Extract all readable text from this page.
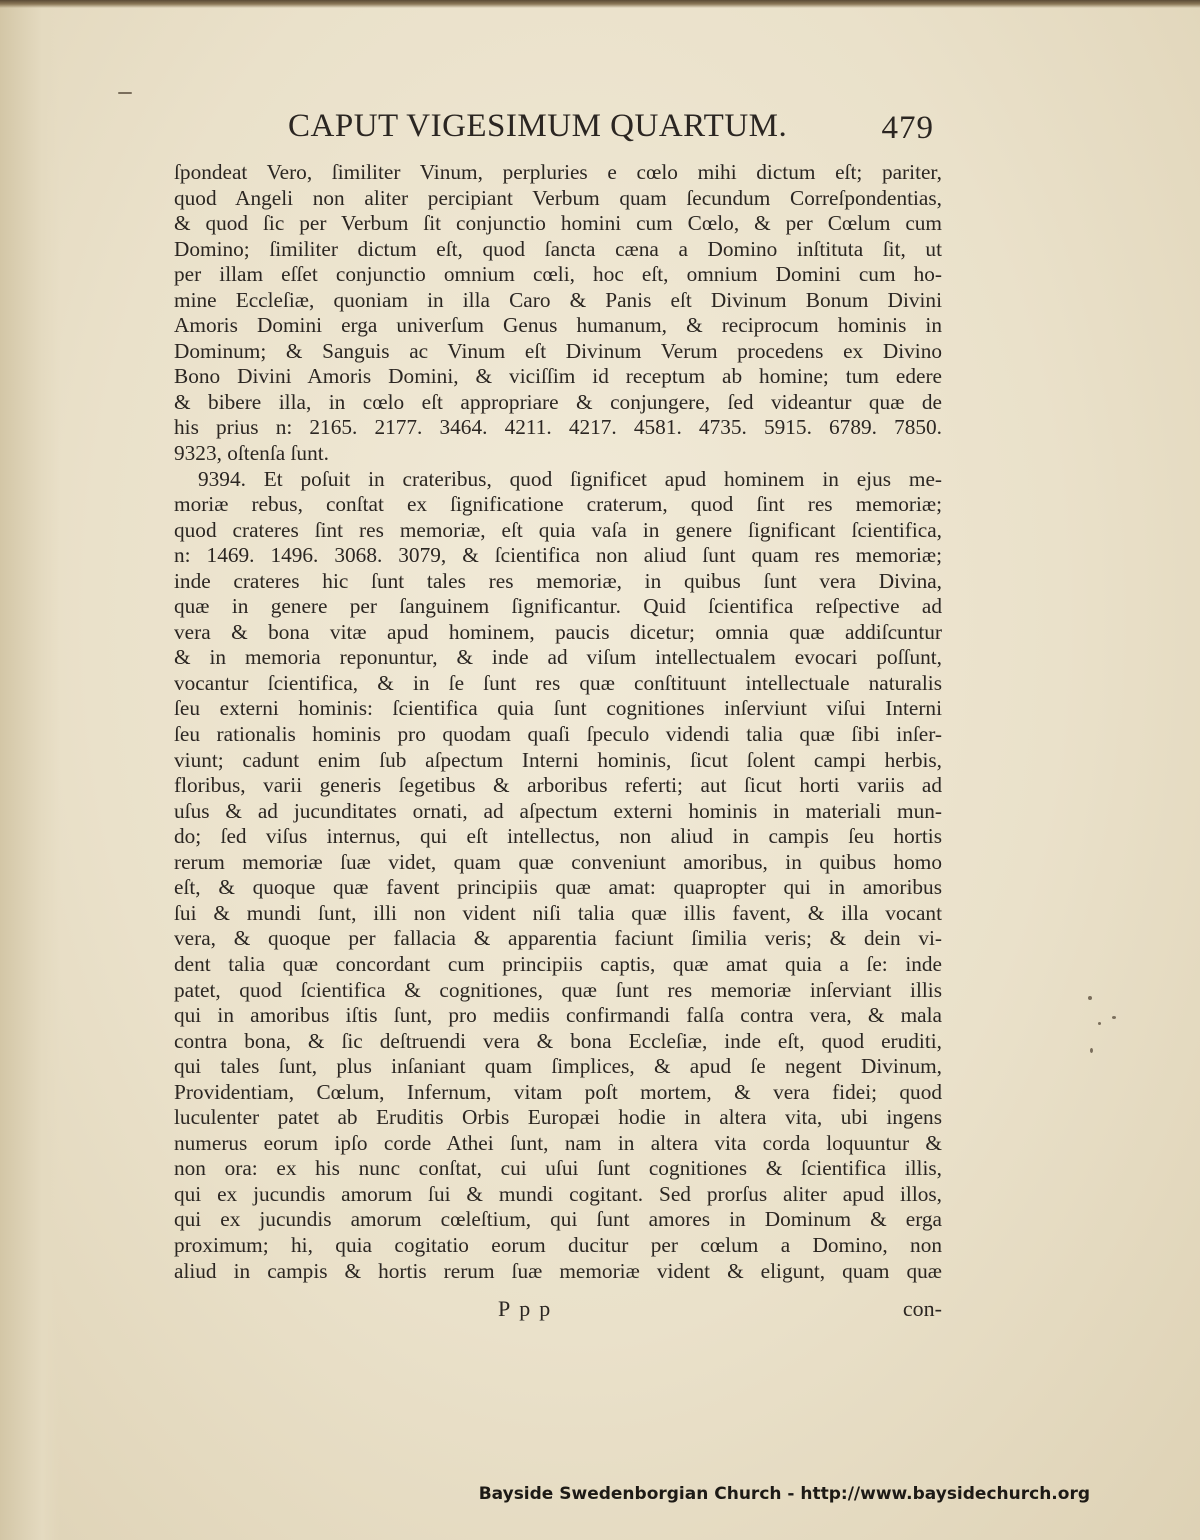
CAPUT VIGESIMUM QUARTUM.	479
ſpondeat Vero, ſimiliter Vinum, perpluries e cœlo mihi dictum eſt; pariter,
quod Angeli non aliter percipiant Verbum quam ſecundum Correſpondentias,
& quod ſic per Verbum ſit conjunctio homini cum Cœlo, & per Cœlum cum
Domino; ſimiliter dictum eſt, quod ſancta cæna a Domino inſtituta ſit, ut
per illam eſſet conjunctio omnium cœli, hoc eſt, omnium Domini cum ho-
mine Eccleſiæ, quoniam in illa Caro & Panis eſt Divinum Bonum Divini
Amoris Domini erga univerſum Genus humanum, & reciprocum hominis in
Dominum; & Sanguis ac Vinum eſt Divinum Verum procedens ex Divino
Bono Divini Amoris Domini, & viciſſim id receptum ab homine; tum edere
& bibere illa, in cœlo eſt appropriare & conjungere, ſed videantur quæ de
his prius n: 2165. 2177. 3464. 4211. 4217. 4581. 4735. 5915. 6789. 7850.
9323, oſtenſa ſunt.
9394. Et poſuit in crateribus, quod ſignificet apud hominem in ejus me-
moriæ rebus, conſtat ex ſignificatione craterum, quod ſint res memoriæ;
quod crateres ſint res memoriæ, eſt quia vaſa in genere ſignificant ſcientifica,
n: 1469. 1496. 3068. 3079, & ſcientifica non aliud ſunt quam res memoriæ;
inde crateres hic ſunt tales res memoriæ, in quibus ſunt vera Divina,
quæ in genere per ſanguinem ſignificantur. Quid ſcientifica reſpective ad
vera & bona vitæ apud hominem, paucis dicetur; omnia quæ addiſcuntur
& in memoria reponuntur, & inde ad viſum intellectualem evocari poſſunt,
vocantur ſcientifica, & in ſe ſunt res quæ conſtituunt intellectuale naturalis
ſeu externi hominis: ſcientifica quia ſunt cognitiones inſerviunt viſui Interni
ſeu rationalis hominis pro quodam quaſi ſpeculo videndi talia quæ ſibi inſer-
viunt; cadunt enim ſub aſpectum Interni hominis, ſicut ſolent campi herbis,
floribus, varii generis ſegetibus & arboribus referti; aut ſicut horti variis ad
uſus & ad jucunditates ornati, ad aſpectum externi hominis in materiali mun-
do; ſed viſus internus, qui eſt intellectus, non aliud in campis ſeu hortis
rerum memoriæ ſuæ videt, quam quæ conveniunt amoribus, in quibus homo
eſt, & quoque quæ favent principiis quæ amat: quapropter qui in amoribus
ſui & mundi ſunt, illi non vident niſi talia quæ illis favent, & illa vocant
vera, & quoque per fallacia & apparentia faciunt ſimilia veris; & dein vi-
dent talia quæ concordant cum principiis captis, quæ amat quia a ſe: inde
patet, quod ſcientifica & cognitiones, quæ ſunt res memoriæ inſerviant illis
qui in amoribus iſtis ſunt, pro mediis confirmandi falſa contra vera, & mala
contra bona, & ſic deſtruendi vera & bona Eccleſiæ, inde eſt, quod eruditi,
qui tales ſunt, plus inſaniant quam ſimplices, & apud ſe negent Divinum,
Providentiam, Cœlum, Infernum, vitam poſt mortem, & vera fidei; quod
luculenter patet ab Eruditis Orbis Europæi hodie in altera vita, ubi ingens
numerus eorum ipſo corde Athei ſunt, nam in altera vita corda loquuntur &
non ora: ex his nunc conſtat, cui uſui ſunt cognitiones & ſcientifica illis,
qui ex jucundis amorum ſui & mundi cogitant. Sed prorſus aliter apud illos,
qui ex jucundis amorum cœleſtium, qui ſunt amores in Dominum & erga
proximum; hi, quia cogitatio eorum ducitur per cœlum a Domino, non
aliud in campis & hortis rerum ſuæ memoriæ vident & eligunt, quam quæ
Ppp	con-
Bayside Swedenborgian Church - http://www.baysidechurch.org
